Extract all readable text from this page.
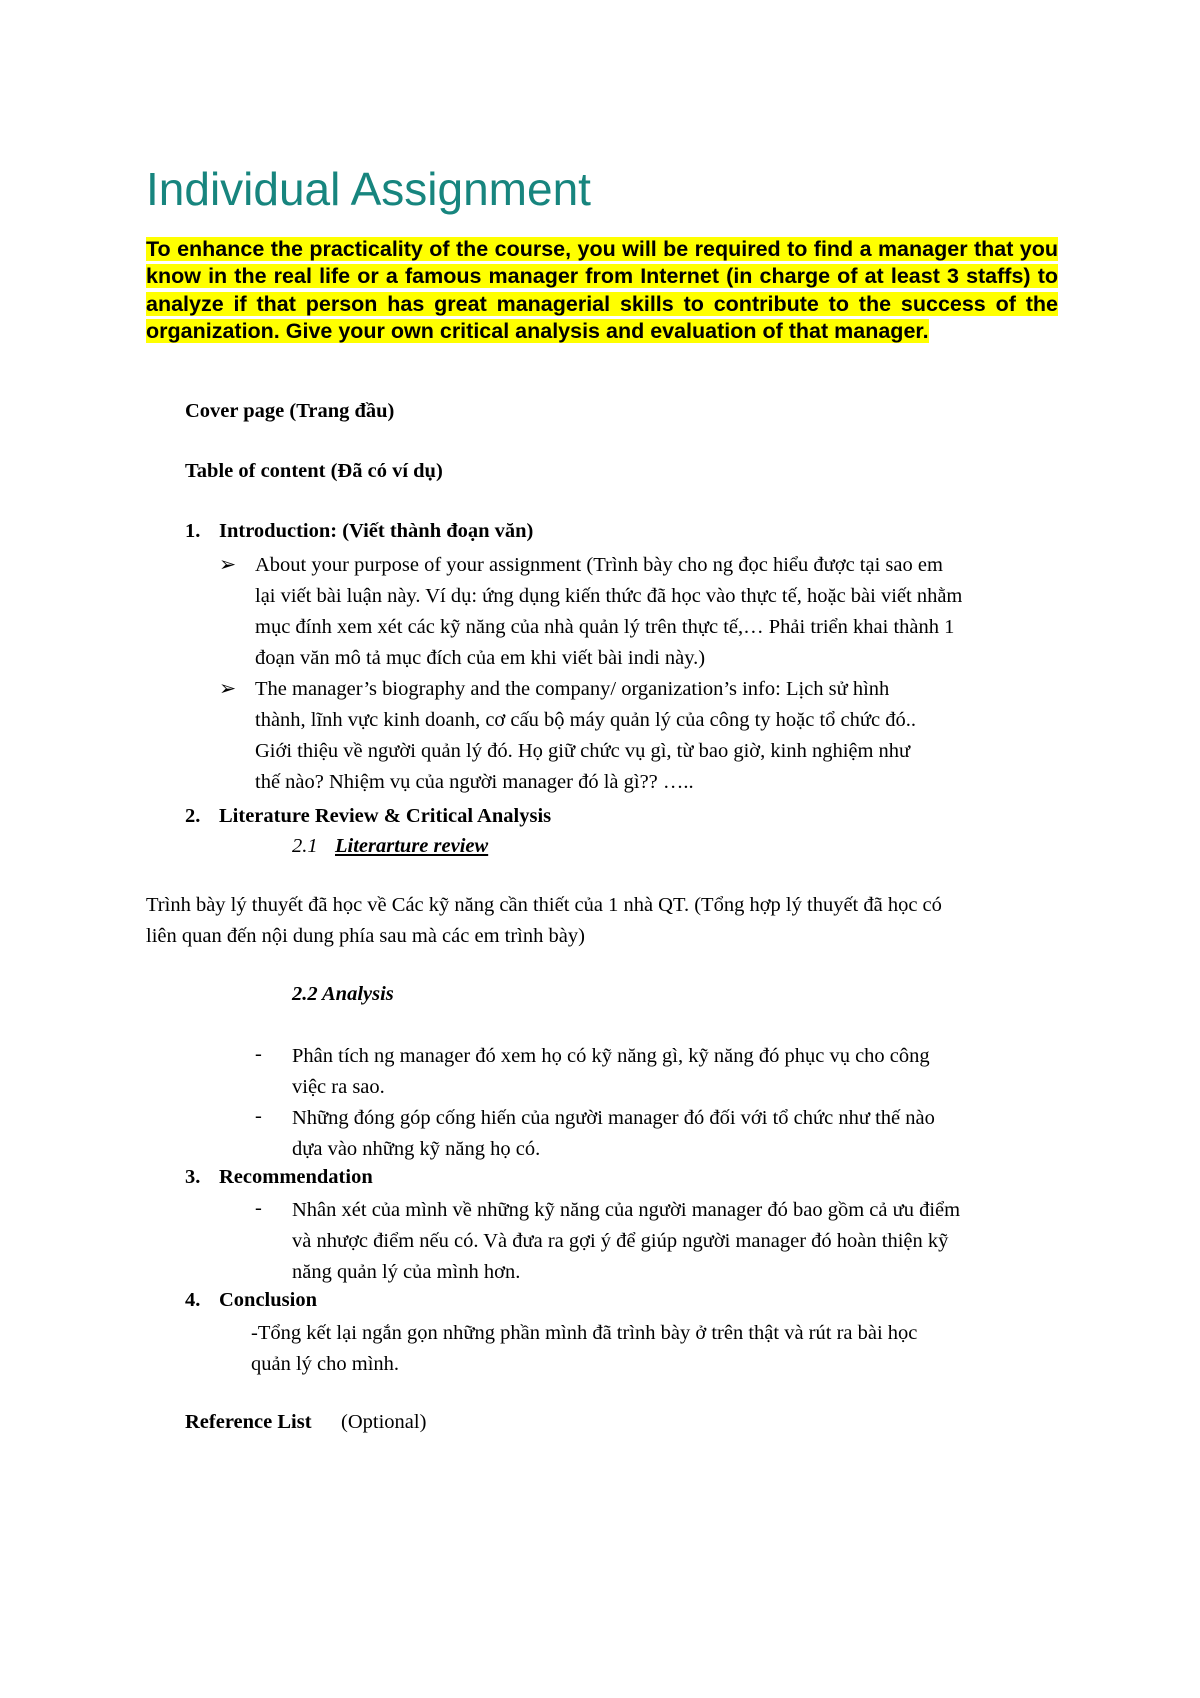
Individual Assignment

To enhance the practicality of the course, you will be required to find a manager that you know in the real life or a famous manager from Internet (in charge of at least 3 staffs) to analyze if that person has great managerial skills to contribute to the success of the organization. Give your own critical analysis and evaluation of that manager.

Cover page (Trang đầu)
Table of content (Đã có ví dụ)
1. Introduction: (Viết thành đoạn văn)
➢ About your purpose of your assignment (Trình bày cho ng đọc hiểu được tại sao em
lại viết bài luận này. Ví dụ: ứng dụng kiến thức đã học vào thực tế, hoặc bài viết nhằm
mục đính xem xét các kỹ năng của nhà quản lý trên thực tế,… Phải triển khai thành 1
đoạn văn mô tả mục đích của em khi viết bài indi này.)
➢ The manager’s biography and the company/ organization’s info: Lịch sử hình
thành, lĩnh vực kinh doanh, cơ cấu bộ máy quản lý của công ty hoặc tổ chức đó..
Giới thiệu về người quản lý đó. Họ giữ chức vụ gì, từ bao giờ, kinh nghiệm như
thế nào? Nhiệm vụ của người manager đó là gì?? …..
2. Literature Review & Critical Analysis
2.1 Literarture review
Trình bày lý thuyết đã học về Các kỹ năng cần thiết của 1 nhà QT. (Tổng hợp lý thuyết đã học có
liên quan đến nội dung phía sau mà các em trình bày)
2.2 Analysis
- Phân tích ng manager đó xem họ có kỹ năng gì, kỹ năng đó phục vụ cho công
việc ra sao.
- Những đóng góp cống hiến của người manager đó đối với tổ chức như thế nào
dựa vào những kỹ năng họ có.
3. Recommendation
- Nhân xét của mình về những kỹ năng của người manager đó bao gồm cả ưu điểm
và nhược điểm nếu có. Và đưa ra gợi ý để giúp người manager đó hoàn thiện kỹ
năng quản lý của mình hơn.
4. Conclusion
-Tổng kết lại ngắn gọn những phần mình đã trình bày ở trên thật và rút ra bài học
quản lý cho mình.
Reference List (Optional)
